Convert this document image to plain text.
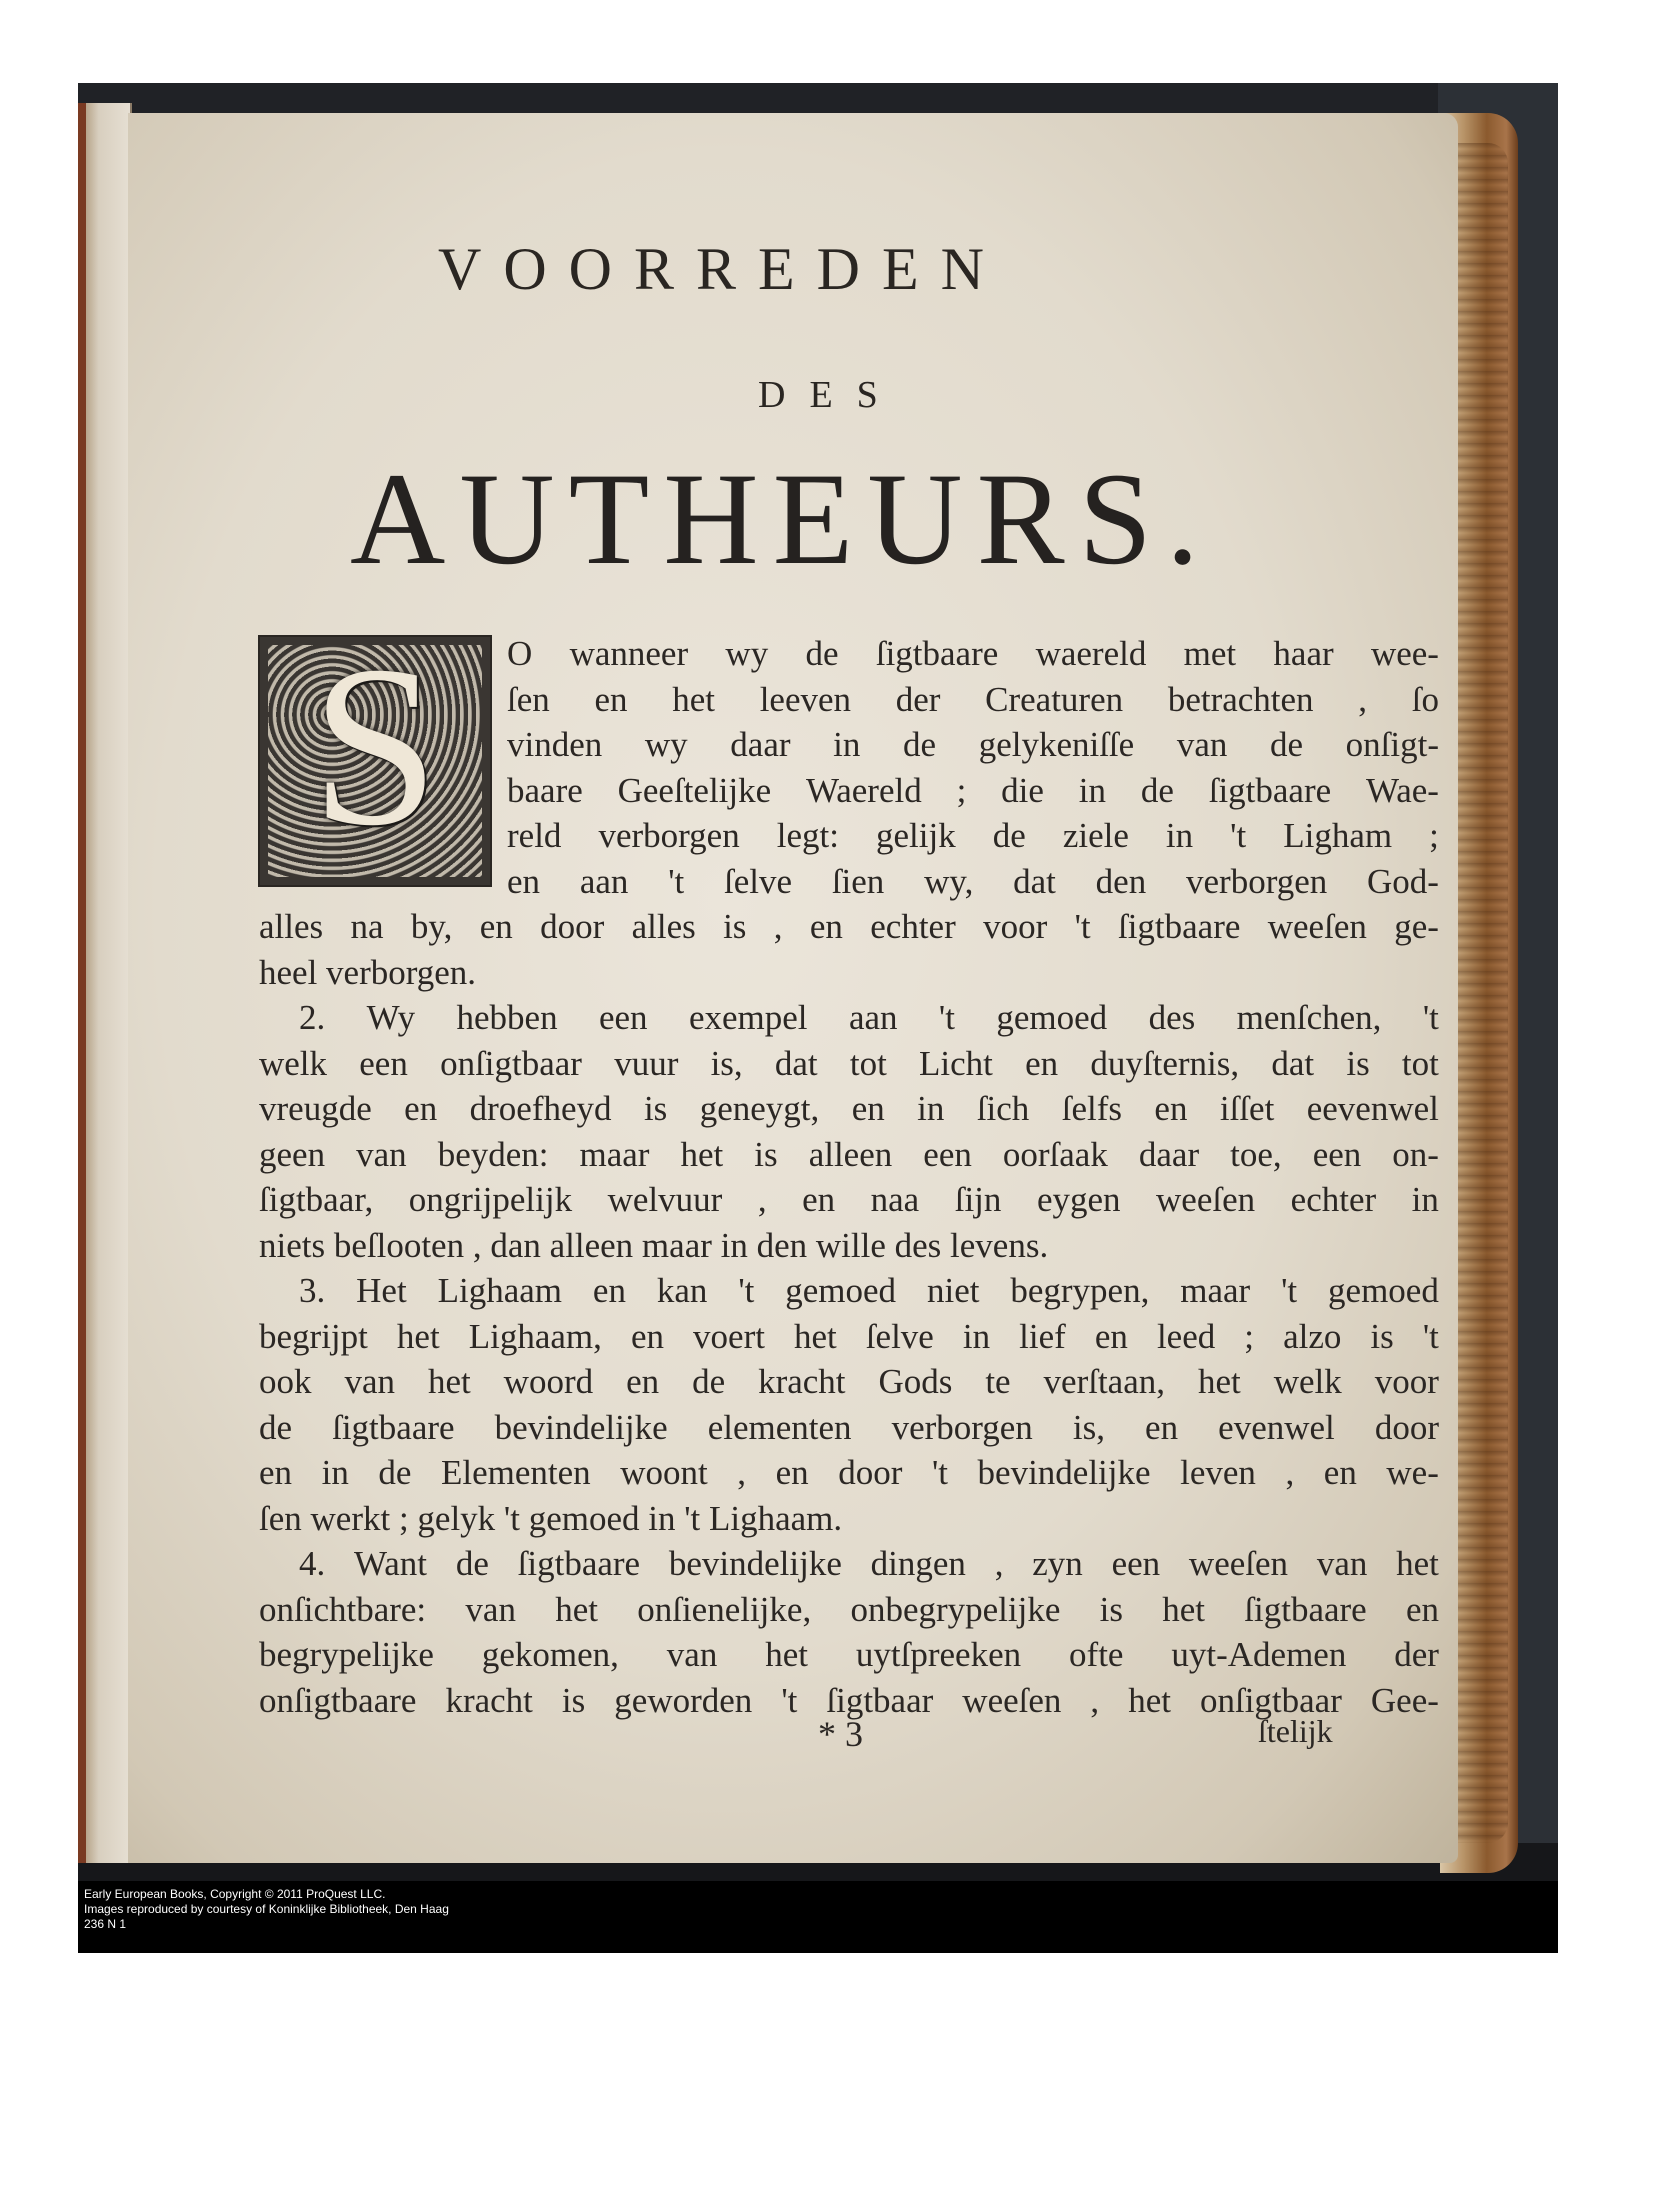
VOORREDEN
DES
AUTHEURS.
S	O wanneer wy de ſigtbaare waereld met haar wee-
ſen en het leeven der Creaturen betrachten , ſo
vinden wy daar in de gelykeniſſe van de onſigt-
baare Geeſtelijke Waereld ; die in de ſigtbaare Wae-
reld verborgen legt: gelijk de ziele in 't Ligham ;
en aan 't ſelve ſien wy, dat den verborgen God-
alles na by, en door alles is , en echter voor 't ſigtbaare weeſen ge-
heel verborgen.
2. Wy hebben een exempel aan 't gemoed des menſchen, 't
welk een onſigtbaar vuur is, dat tot Licht en duyſternis, dat is tot
vreugde en droefheyd is geneygt, en in ſich ſelfs en iſſet eevenwel
geen van beyden: maar het is alleen een oorſaak daar toe, een on-
ſigtbaar, ongrijpelijk welvuur , en naa ſijn eygen weeſen echter in
niets beſlooten , dan alleen maar in den wille des levens.
3. Het Lighaam en kan 't gemoed niet begrypen, maar 't gemoed
begrijpt het Lighaam, en voert het ſelve in lief en leed ; alzo is 't
ook van het woord en de kracht Gods te verſtaan, het welk voor
de ſigtbaare bevindelijke elementen verborgen is, en evenwel door
en in de Elementen woont , en door 't bevindelijke leven , en we-
ſen werkt ; gelyk 't gemoed in 't Lighaam.
4. Want de ſigtbaare bevindelijke dingen , zyn een weeſen van het
onſichtbare: van het onſienelijke, onbegrypelijke is het ſigtbaare en
begrypelijke gekomen, van het uytſpreeken ofte uyt-Ademen der
onſigtbaare kracht is geworden 't ſigtbaar weeſen , het onſigtbaar Gee-
* 3	ſtelijk
Early European Books, Copyright © 2011 ProQuest LLC.
Images reproduced by courtesy of Koninklijke Bibliotheek, Den Haag
236 N 1
